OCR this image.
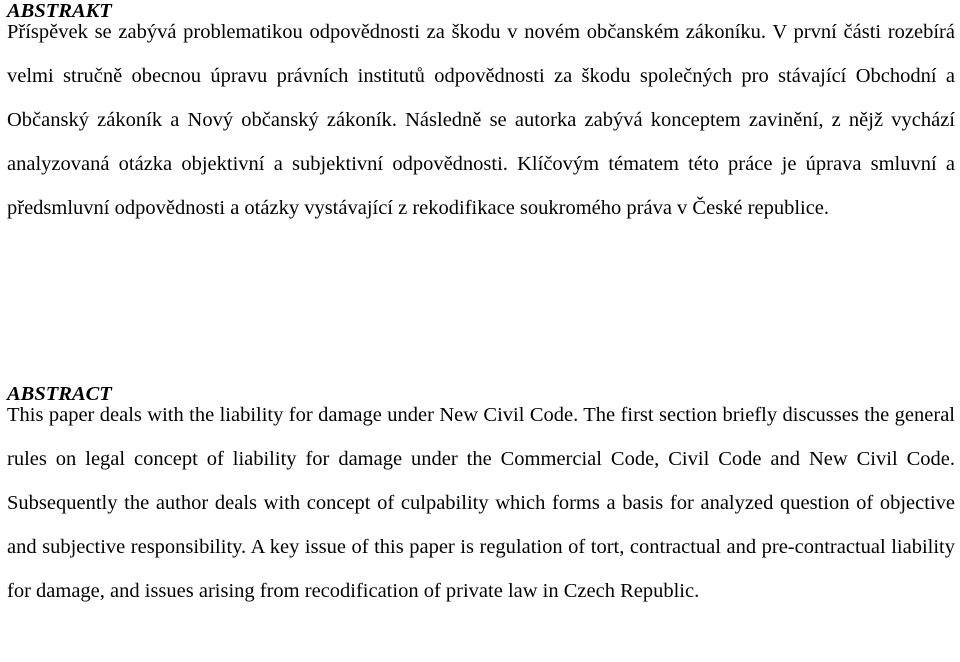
ABSTRAKT

Příspěvek se zabývá problematikou odpovědnosti za škodu v novém občanském zákoníku. V první části rozebírá velmi stručně obecnou úpravu právních institutů odpovědnosti za škodu společných pro stávající Obchodní a Občanský zákoník a Nový občanský zákoník. Následně se autorka zabývá konceptem zavinění, z nějž vychází analyzovaná otázka objektivní a subjektivní odpovědnosti. Klíčovým tématem této práce je úprava smluvní a předsmluvní odpovědnosti a otázky vystávající z rekodifikace soukromého práva v České republice.

ABSTRACT

This paper deals with the liability for damage under New Civil Code. The first section briefly discusses the general rules on legal concept of liability for damage under the Commercial Code, Civil Code and New Civil Code. Subsequently the author deals with concept of culpability which forms a basis for analyzed question of objective and subjective responsibility. A key issue of this paper is regulation of tort, contractual and pre-contractual liability for damage, and issues arising from recodification of private law in Czech Republic.
